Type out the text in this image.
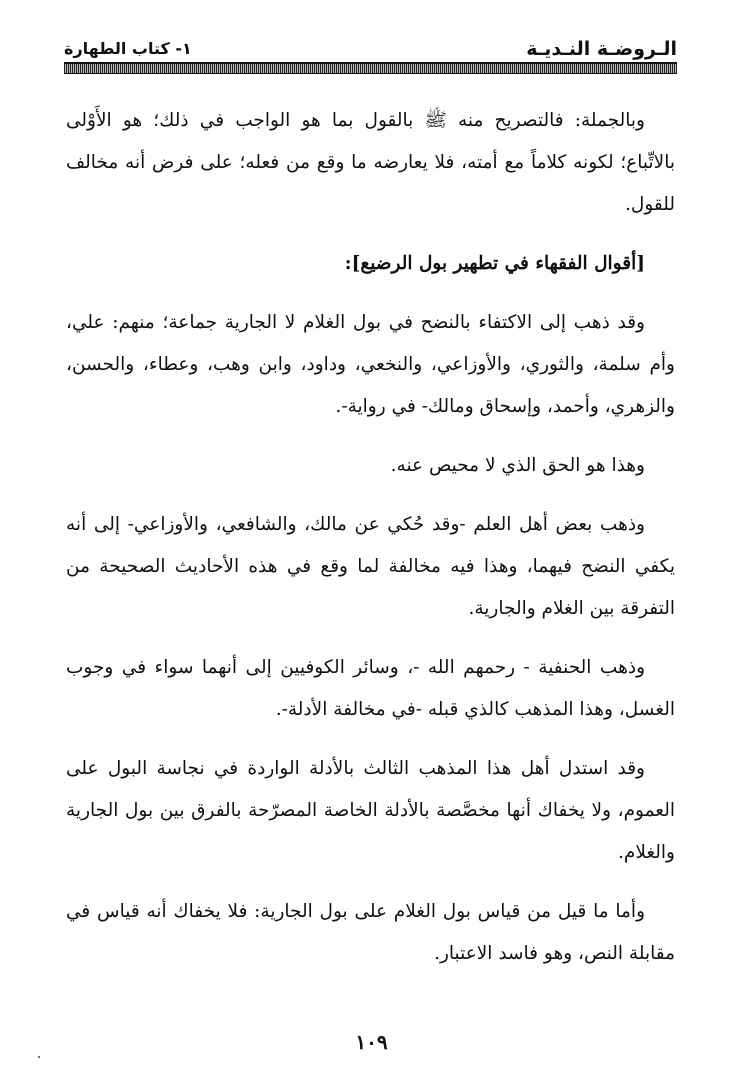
الـروضـة النـديـة
١- كتاب الطهارة

وبالجملة: فالتصريح منه ﷺ بالقول بما هو الواجب في ذلك؛ هو الأَوْلى بالاتِّباع؛ لكونه كلاماً مع أمته، فلا يعارضه ما وقع من فعله؛ على فرض أنه مخالف للقول.

[أقوال الفقهاء في تطهير بول الرضيع]:

وقد ذهب إلى الاكتفاء بالنضح في بول الغلام لا الجارية جماعة؛ منهم: علي، وأم سلمة، والثوري، والأوزاعي، والنخعي، وداود، وابن وهب، وعطاء، والحسن، والزهري، وأحمد، وإسحاق ومالك- في رواية-.

وهذا هو الحق الذي لا محيص عنه.

وذهب بعض أهل العلم -وقد حُكي عن مالك، والشافعي، والأوزاعي- إلى أنه يكفي النضح فيهما، وهذا فيه مخالفة لما وقع في هذه الأحاديث الصحيحة من التفرقة بين الغلام والجارية.

وذهب الحنفية - رحمهم الله -، وسائر الكوفيين إلى أنهما سواء في وجوب الغسل، وهذا المذهب كالذي قبله -في مخالفة الأدلة-.

وقد استدل أهل هذا المذهب الثالث بالأدلة الواردة في نجاسة البول على العموم، ولا يخفاك أنها مخصَّصة بالأدلة الخاصة المصرّحة بالفرق بين بول الجارية والغلام.

وأما ما قيل من قياس بول الغلام على بول الجارية: فلا يخفاك أنه قياس في مقابلة النص، وهو فاسد الاعتبار.

١٠٩
